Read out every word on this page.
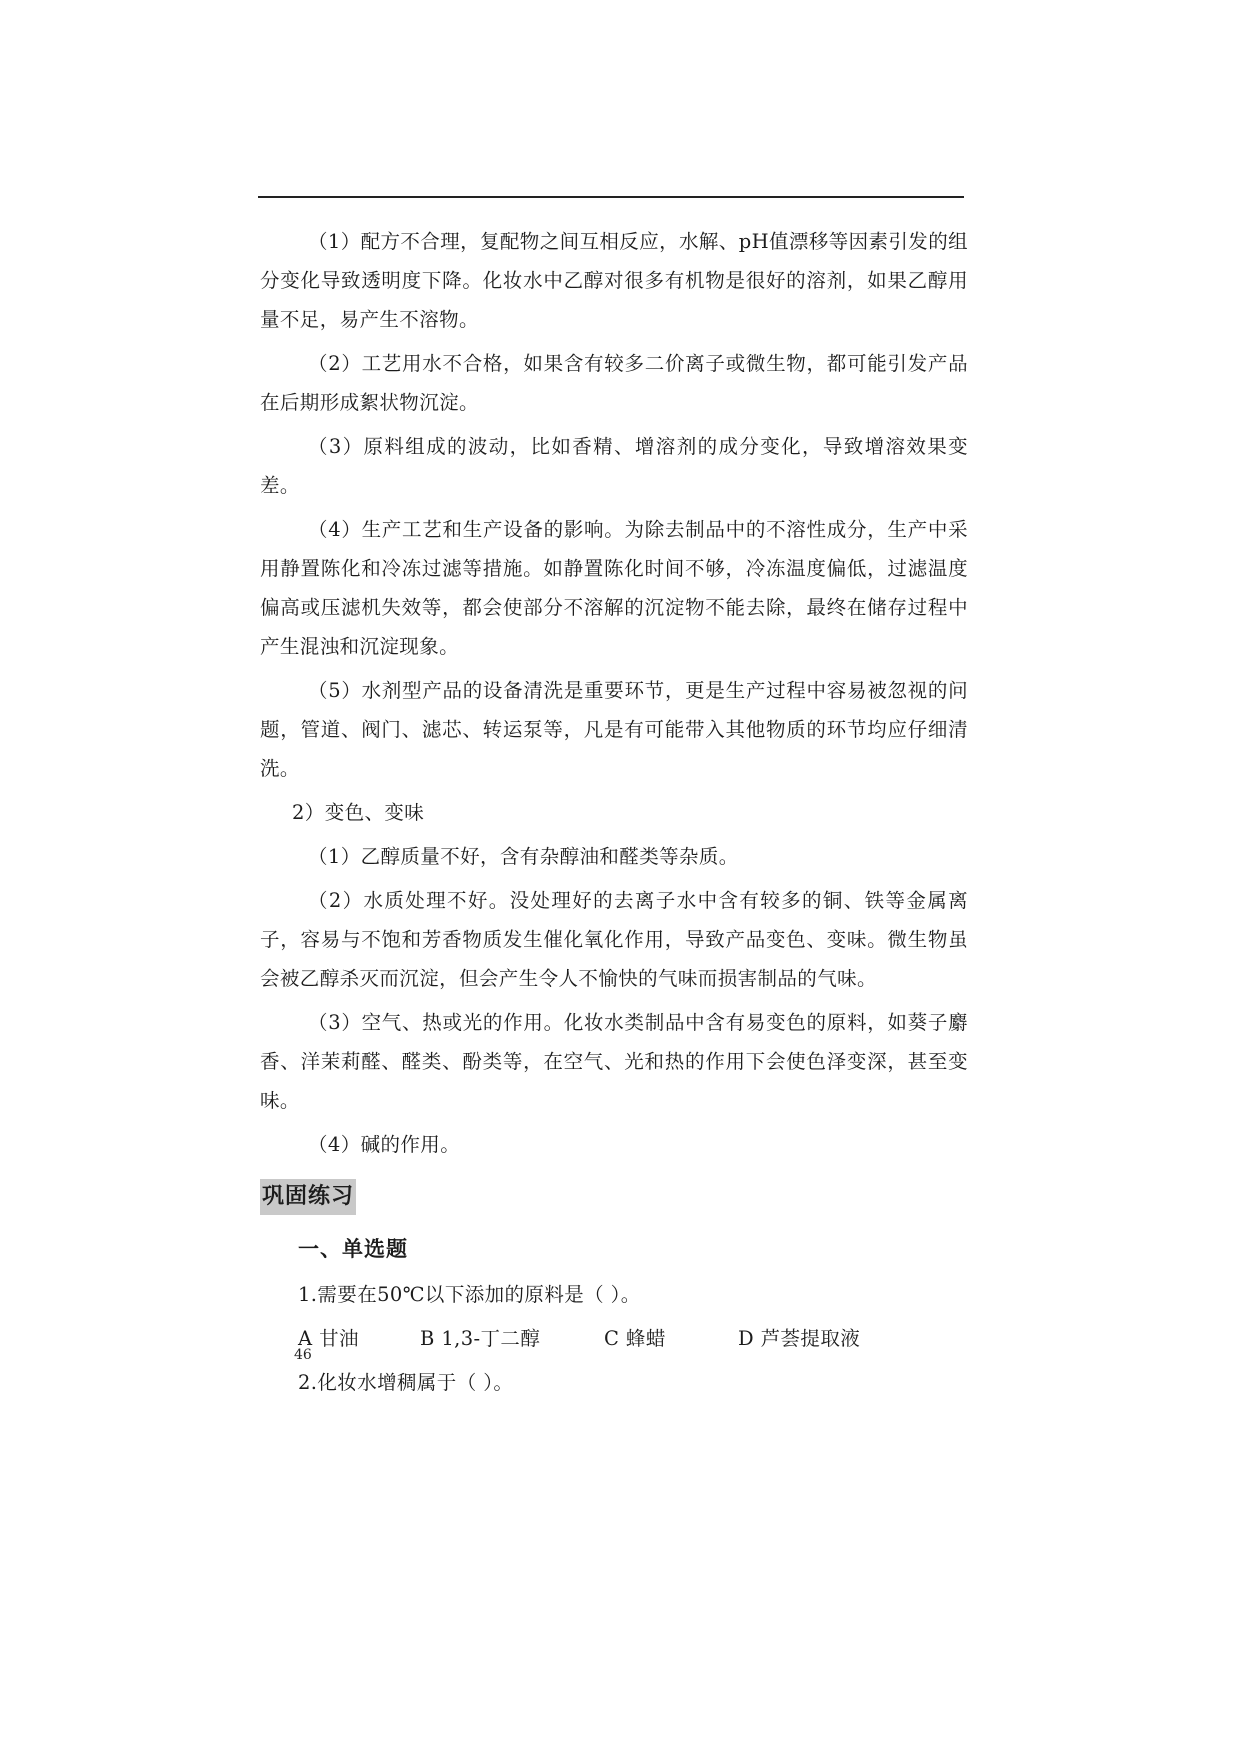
（1）配方不合理，复配物之间互相反应，水解、pH值漂移等因素引发的组分变化导致透明度下降。化妆水中乙醇对很多有机物是很好的溶剂，如果乙醇用量不足，易产生不溶物。

（2）工艺用水不合格，如果含有较多二价离子或微生物，都可能引发产品在后期形成絮状物沉淀。

（3）原料组成的波动，比如香精、增溶剂的成分变化，导致增溶效果变差。

（4）生产工艺和生产设备的影响。为除去制品中的不溶性成分，生产中采用静置陈化和冷冻过滤等措施。如静置陈化时间不够，冷冻温度偏低，过滤温度偏高或压滤机失效等，都会使部分不溶解的沉淀物不能去除，最终在储存过程中产生混浊和沉淀现象。

（5）水剂型产品的设备清洗是重要环节，更是生产过程中容易被忽视的问题，管道、阀门、滤芯、转运泵等，凡是有可能带入其他物质的环节均应仔细清洗。

2）变色、变味

（1）乙醇质量不好，含有杂醇油和醛类等杂质。

（2）水质处理不好。没处理好的去离子水中含有较多的铜、铁等金属离子，容易与不饱和芳香物质发生催化氧化作用，导致产品变色、变味。微生物虽会被乙醇杀灭而沉淀，但会产生令人不愉快的气味而损害制品的气味。

（3）空气、热或光的作用。化妆水类制品中含有易变色的原料，如葵子麝香、洋茉莉醛、醛类、酚类等，在空气、光和热的作用下会使色泽变深，甚至变味。

（4）碱的作用。

巩固练习
一、单选题
1.需要在50℃以下添加的原料是（ ）。
A 甘油	B 1,3-丁二醇	C 蜂蜡	D 芦荟提取液
2.化妆水增稠属于（ ）。
46
